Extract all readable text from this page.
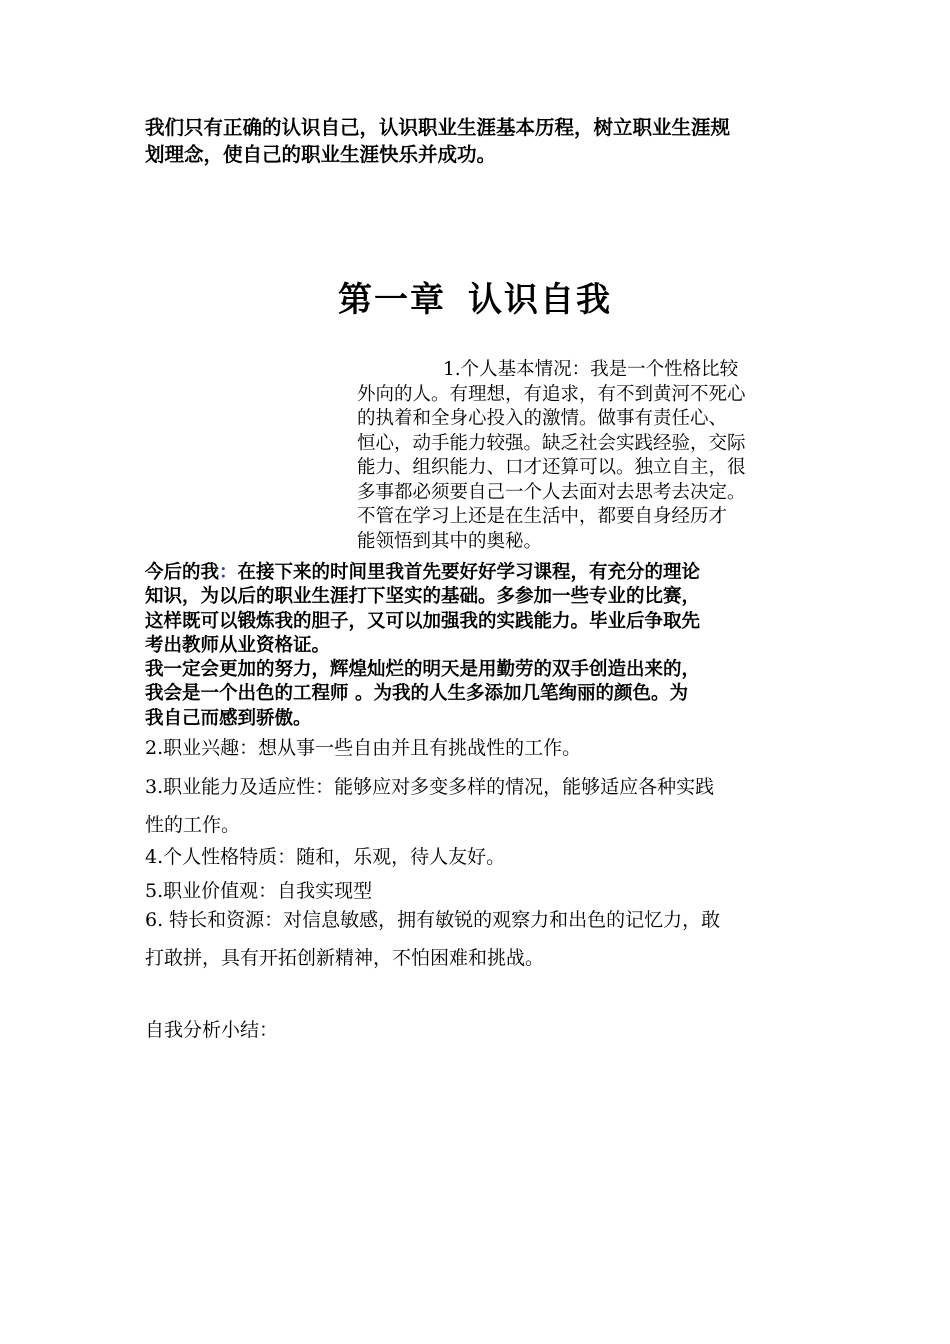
我们只有正确的认识自己，认识职业生涯基本历程，树立职业生涯规
划理念，使自己的职业生涯快乐并成功。
第一章 认识自我
1.个人基本情况：我是一个性格比较
外向的人。有理想，有追求，有不到黄河不死心
的执着和全身心投入的激情。做事有责任心、
恒心，动手能力较强。缺乏社会实践经验，交际
能力、组织能力、口才还算可以。独立自主，很
多事都必须要自己一个人去面对去思考去决定。
不管在学习上还是在生活中，都要自身经历才
能领悟到其中的奥秘。
今后的我：在接下来的时间里我首先要好好学习课程，有充分的理论
知识，为以后的职业生涯打下坚实的基础。多参加一些专业的比赛，
这样既可以锻炼我的胆子，又可以加强我的实践能力。毕业后争取先
考出教师从业资格证。
我一定会更加的努力，辉煌灿烂的明天是用勤劳的双手创造出来的，
我会是一个出色的工程师 。为我的人生多添加几笔绚丽的颜色。为
我自己而感到骄傲。
2.职业兴趣：想从事一些自由并且有挑战性的工作。
3.职业能力及适应性：能够应对多变多样的情况，能够适应各种实践
性的工作。
4.个人性格特质：随和，乐观，待人友好。
5.职业价值观：自我实现型
6. 特长和资源：对信息敏感，拥有敏锐的观察力和出色的记忆力，敢
打敢拼，具有开拓创新精神，不怕困难和挑战。
自我分析小结：
